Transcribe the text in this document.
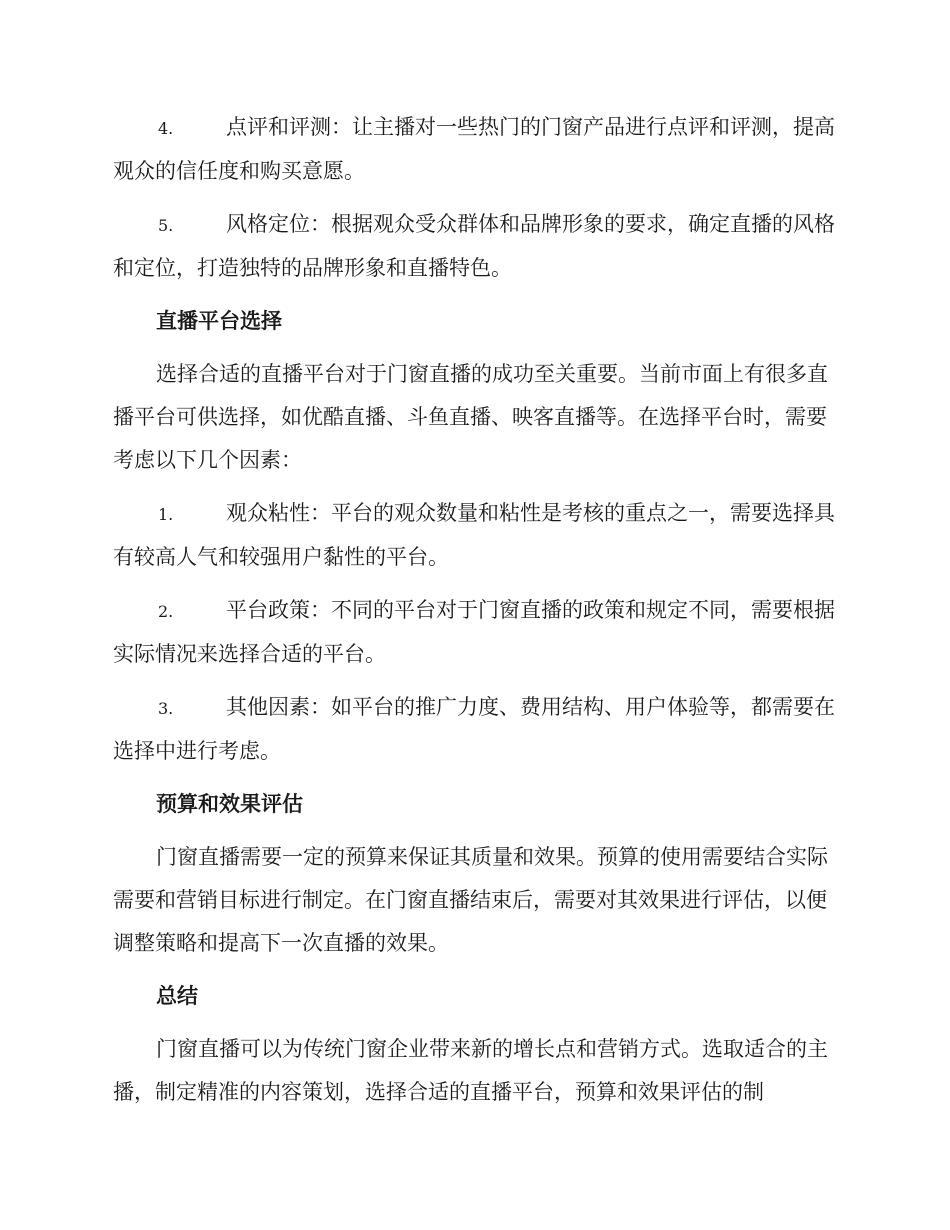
4.	点评和评测：让主播对一些热门的门窗产品进行点评和评测，提高观众的信任度和购买意愿。

5.	风格定位：根据观众受众群体和品牌形象的要求，确定直播的风格和定位，打造独特的品牌形象和直播特色。

直播平台选择

选择合适的直播平台对于门窗直播的成功至关重要。当前市面上有很多直播平台可供选择，如优酷直播、斗鱼直播、映客直播等。在选择平台时，需要考虑以下几个因素：

1.	观众粘性：平台的观众数量和粘性是考核的重点之一，需要选择具有较高人气和较强用户黏性的平台。

2.	平台政策：不同的平台对于门窗直播的政策和规定不同，需要根据实际情况来选择合适的平台。

3.	其他因素：如平台的推广力度、费用结构、用户体验等，都需要在选择中进行考虑。

预算和效果评估

门窗直播需要一定的预算来保证其质量和效果。预算的使用需要结合实际需要和营销目标进行制定。在门窗直播结束后，需要对其效果进行评估，以便调整策略和提高下一次直播的效果。

总结

门窗直播可以为传统门窗企业带来新的增长点和营销方式。选取适合的主播，制定精准的内容策划，选择合适的直播平台，预算和效果评估的制
